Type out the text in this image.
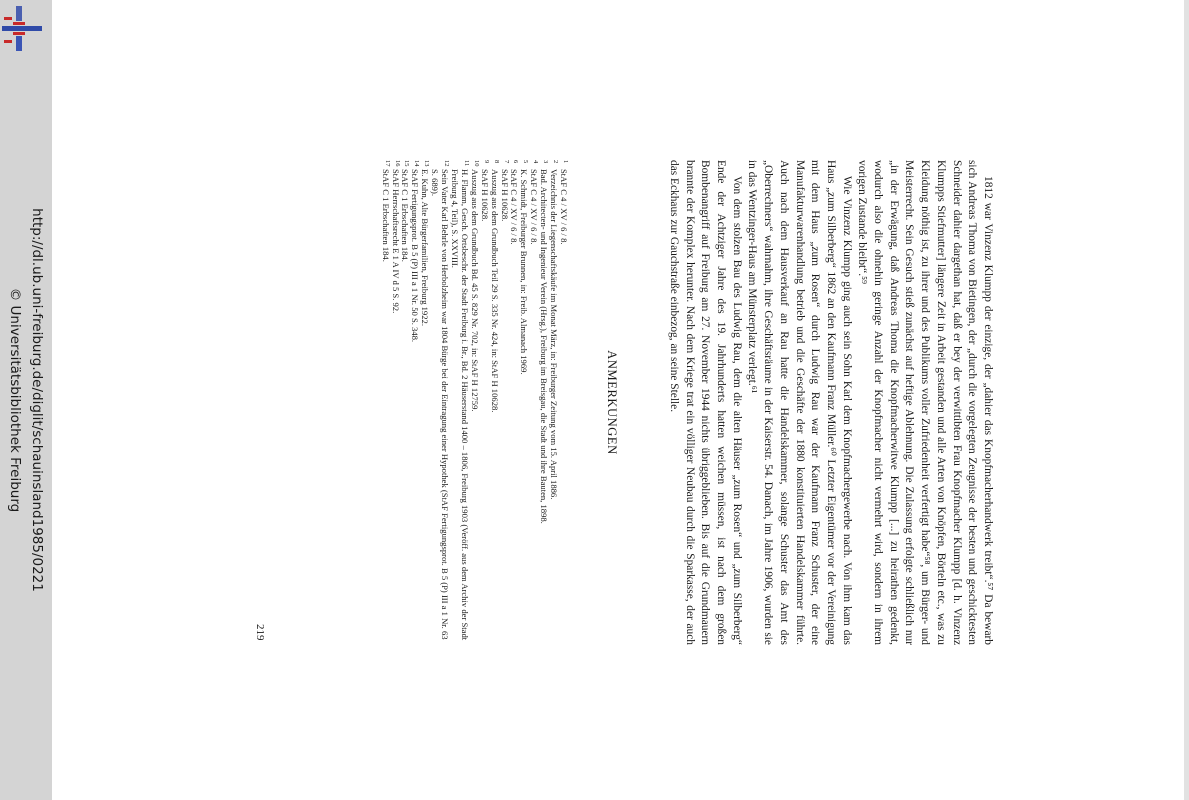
http://dl.ub.uni-freiburg.de/diglit/schauinsland1985/0221
© Universitätsbibliothek Freiburg	1812 war Vinzenz Klumpp der einzige, der „dahier das Knopfmacherhandwerk treibt“.⁵⁷ Da bewarb sich Andreas Thoma von Bietingen, der „durch die vorgelegten Zeugnisse der besten und geschicktesten Schneider dahier dargethan hat, daß er bey der verwittibten Frau Knopfmacher Klumpp [d. h. Vinzenz Klumpps Stiefmutter] längere Zeit in Arbeit gestanden und alle Arten von Knöpfen, Börteln etc., was zu Kleidung nöthig ist, zu ihrer und des Publikums voller Zufriedenheit verfertigt habe“⁵⁸, um Bürger- und Meisterrecht. Sein Gesuch stieß zunächst auf heftige Ablehnung. Die Zulassung erfolgte schließlich nur „in der Erwägung, daß Andreas Thoma die Knopfmacherwitwe Klumpp [...] zu heirathen gedenkt, wodurch also die ohnehin geringe Anzahl der Knopfmacher nicht vermehrt wird, sondern in ihrem vorigen Zustande bleibt“.⁵⁹

Wie Vinzenz Klumpp ging auch sein Sohn Karl dem Knopfmachergewerbe nach. Von ihm kam das Haus „zum Silberberg“ 1862 an den Kaufmann Franz Müller.⁶⁰ Letzter Eigentümer vor der Vereinigung mit dem Haus „zum Rosen“ durch Ludwig Rau war der Kaufmann Franz Schuster, der eine Manufakturwarenhandlung betrieb und die Geschäfte der 1880 konstituierten Handelskammer führte. Auch nach dem Hausverkauf an Rau hatte die Handelskammer, solange Schuster das Amt des „Oberrechners“ wahrnahm, ihre Geschäftsräume in der Kaiserstr. 54. Danach, im Jahre 1906, wurden sie in das Wentzinger-Haus am Münsterplatz verlegt.⁶¹

Von dem stolzen Bau des Ludwig Rau, dem die alten Häuser „zum Rosen“ und „zum Silberberg“ Ende der Achtziger Jahre des 19. Jahrhunderts hatten weichen müssen, ist nach dem großen Bombenangriff auf Freiburg am 27. November 1944 nichts übriggeblieben. Bis auf die Grundmauern brannte der Komplex herunter. Nach dem Kriege trat ein völliger Neubau durch die Sparkasse, der auch das Eckhaus zur Gauchstraße einbezog, an seine Stelle.

ANMERKUNGEN
1
StAF C 4 / XV / 6 / 8.
2
Verzeichnis der Liegenschaftskäufe im Monat März, in: Freiburger Zeitung vom 15. April 1886.
3
Bad. Architecten- und Ingenieur Verein (Hrsg.), Freiburg im Breisgau, die Stadt und ihre Bauten, 1898.
4
StAF C 4 / XV / 6 / 8.
5
K. Schmidt, Freiburger Brunnen, in: Freib. Almanach 1969.
6
StAF C 4 / XV / 6 / 8.
7
StAF H 10628.
8
Auszug aus dem Grundbuch Teil 29 S. 335 Nr. 424, in: StAF H 10628.
9
StAF H 10628.
10
Auszug aus dem Grundbuch Bd. 45 S. 829 Nr. 702, in: StAF H 12759.
11
H. Flamm, Gesch. Ortsbeschr. der Stadt Freiburg i. Br., Bd. 2 Häuserstand 1400 – 1806, Freiburg 1903 (Veröff. aus dem Archiv der Stadt Freiburg 4, Teil), S. XXVIII.
12
Sein Vater Karl Behrle von Herbolzheim war 1804 Bürge bei der Eintragung einer Hypothek (StAF Fertigungsprot. B 5 (P) III a 1 Nr. 63 S. 689).
13
E. Kuhn, Alte Bürgerfamilien, Freiburg 1922.
14
StAF Fertigungsprot. B 5 (P) III a 1 Nr. 50 S. 348.
15
StAF C 1 Erbschaften 184.
16
StAF Herrschaftsrecht E 1 A IV d 5 S. 92.
17
StAF C 1 Erbschaften 184.
219
